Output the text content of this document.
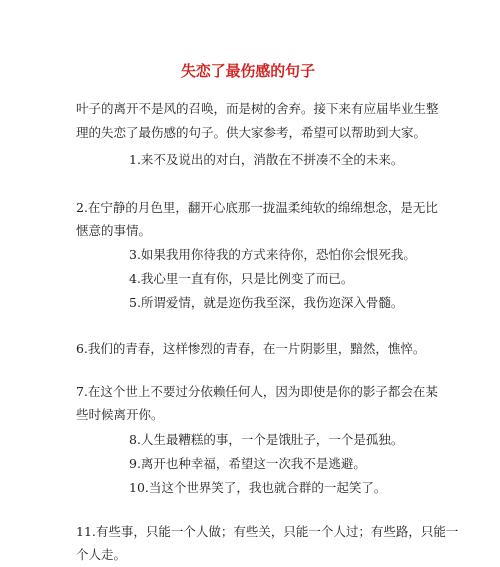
失恋了最伤感的句子

叶子的离开不是风的召唤，而是树的舍弃。接下来有应届毕业生整

理的失恋了最伤感的句子。供大家参考，希望可以帮助到大家。

1.来不及说出的对白，消散在不拼凑不全的未来。

2.在宁静的月色里，翻开心底那一拢温柔纯软的绵绵想念，是无比

惬意的事情。

3.如果我用你待我的方式来待你，恐怕你会恨死我。

4.我心里一直有你，只是比例变了而已。

5.所谓爱情，就是迩伤我至深，我伤迩深入骨髓。

6.我们的青春，这样惨烈的青春，在一片阴影里，黯然，憔悴。

7.在这个世上不要过分依赖任何人，因为即使是你的影子都会在某

些时候离开你。

8.人生最糟糕的事，一个是饿肚子，一个是孤独。

9.离开也种幸福，希望这一次我不是逃避。

10.当这个世界笑了，我也就合群的一起笑了。

11.有些事，只能一个人做；有些关，只能一个人过；有些路，只能一

个人走。
